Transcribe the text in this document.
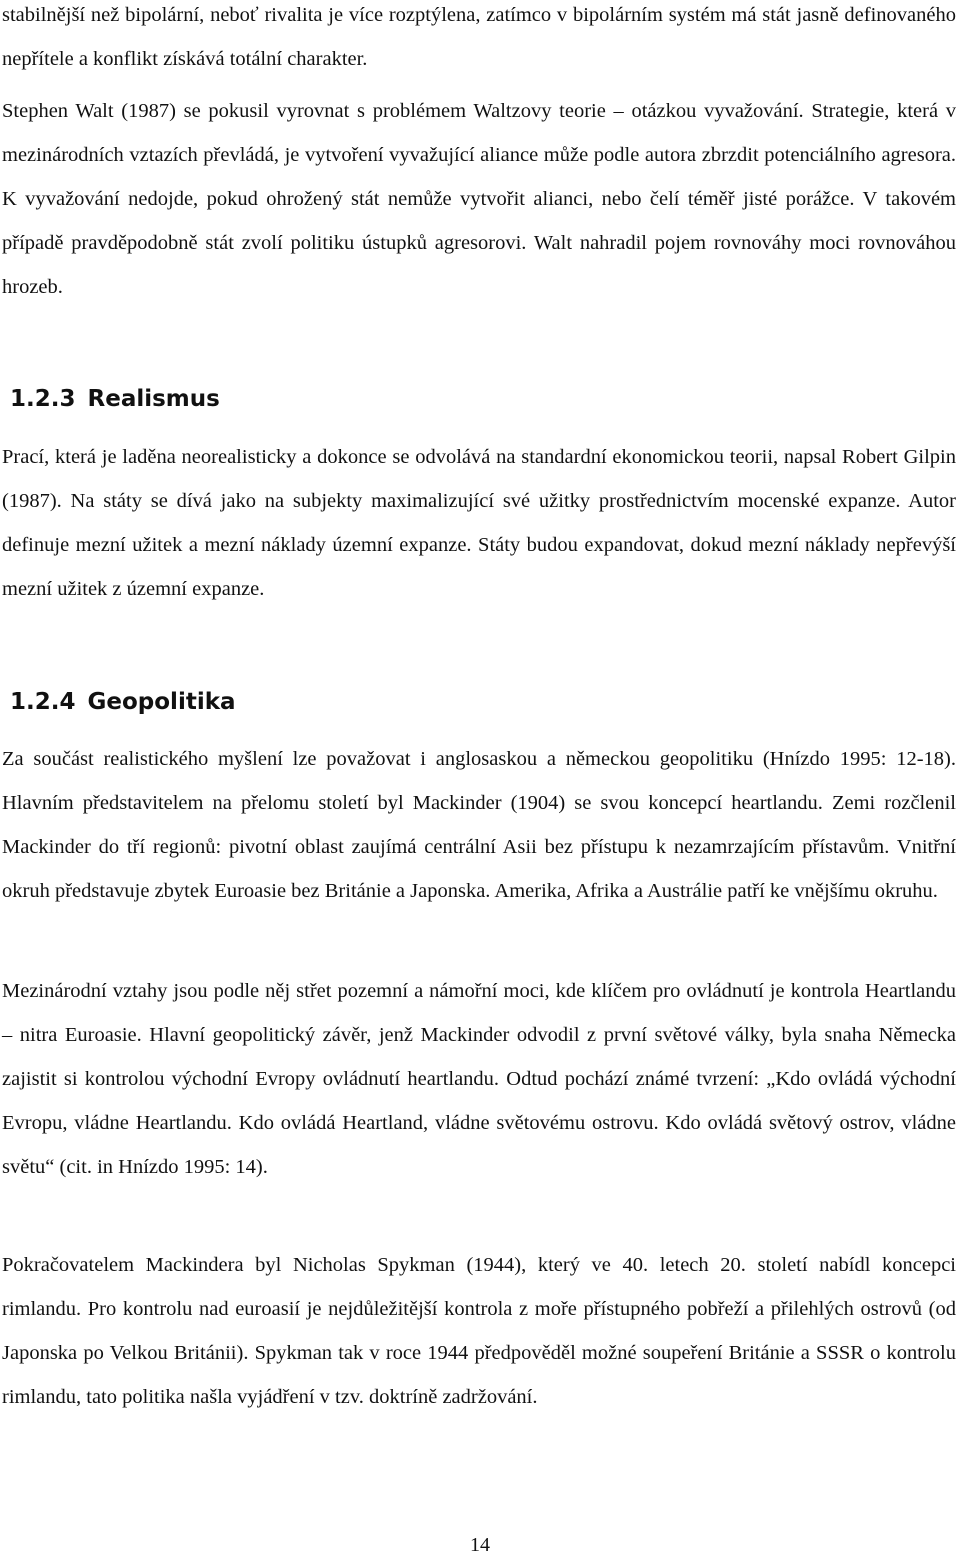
stabilnější než bipolární, neboť rivalita je více rozptýlena, zatímco v bipolárním systém má stát jasně definovaného nepřítele a konflikt získává totální charakter.

Stephen Walt (1987) se pokusil vyrovnat s problémem Waltzovy teorie – otázkou vyvažování. Strategie, která v mezinárodních vztazích převládá, je vytvoření vyvažující aliance může podle autora zbrzdit potenciálního agresora. K vyvažování nedojde, pokud ohrožený stát nemůže vytvořit alianci, nebo čelí téměř jisté porážce. V takovém případě pravděpodobně stát zvolí politiku ústupků agresorovi. Walt nahradil pojem rovnováhy moci rovnováhou hrozeb.

1.2.3 Realismus

Prací, která je laděna neorealisticky a dokonce se odvolává na standardní ekonomickou teorii, napsal Robert Gilpin (1987). Na státy se dívá jako na subjekty maximalizující své užitky prostřednictvím mocenské expanze. Autor definuje mezní užitek a mezní náklady územní expanze. Státy budou expandovat, dokud mezní náklady nepřevýší mezní užitek z územní expanze.

1.2.4 Geopolitika

Za součást realistického myšlení lze považovat i anglosaskou a německou geopolitiku (Hnízdo 1995: 12-18). Hlavním představitelem na přelomu století byl Mackinder (1904) se svou koncepcí heartlandu. Zemi rozčlenil Mackinder do tří regionů: pivotní oblast zaujímá centrální Asii bez přístupu k nezamrzajícím přístavům. Vnitřní okruh představuje zbytek Euroasie bez Británie a Japonska. Amerika, Afrika a Austrálie patří ke vnějšímu okruhu.

Mezinárodní vztahy jsou podle něj střet pozemní a námořní moci, kde klíčem pro ovládnutí je kontrola Heartlandu – nitra Euroasie. Hlavní geopolitický závěr, jenž Mackinder odvodil z první světové války, byla snaha Německa zajistit si kontrolou východní Evropy ovládnutí heartlandu. Odtud pochází známé tvrzení: „Kdo ovládá východní Evropu, vládne Heartlandu. Kdo ovládá Heartland, vládne světovému ostrovu. Kdo ovládá světový ostrov, vládne světu“ (cit. in Hnízdo 1995: 14).

Pokračovatelem Mackindera byl Nicholas Spykman (1944), který ve 40. letech 20. století nabídl koncepci rimlandu. Pro kontrolu nad euroasií je nejdůležitější kontrola z moře přístupného pobřeží a přilehlých ostrovů (od Japonska po Velkou Británii). Spykman tak v roce 1944 předpověděl možné soupeření Británie a SSSR o kontrolu rimlandu, tato politika našla vyjádření v tzv. doktríně zadržování.

14
